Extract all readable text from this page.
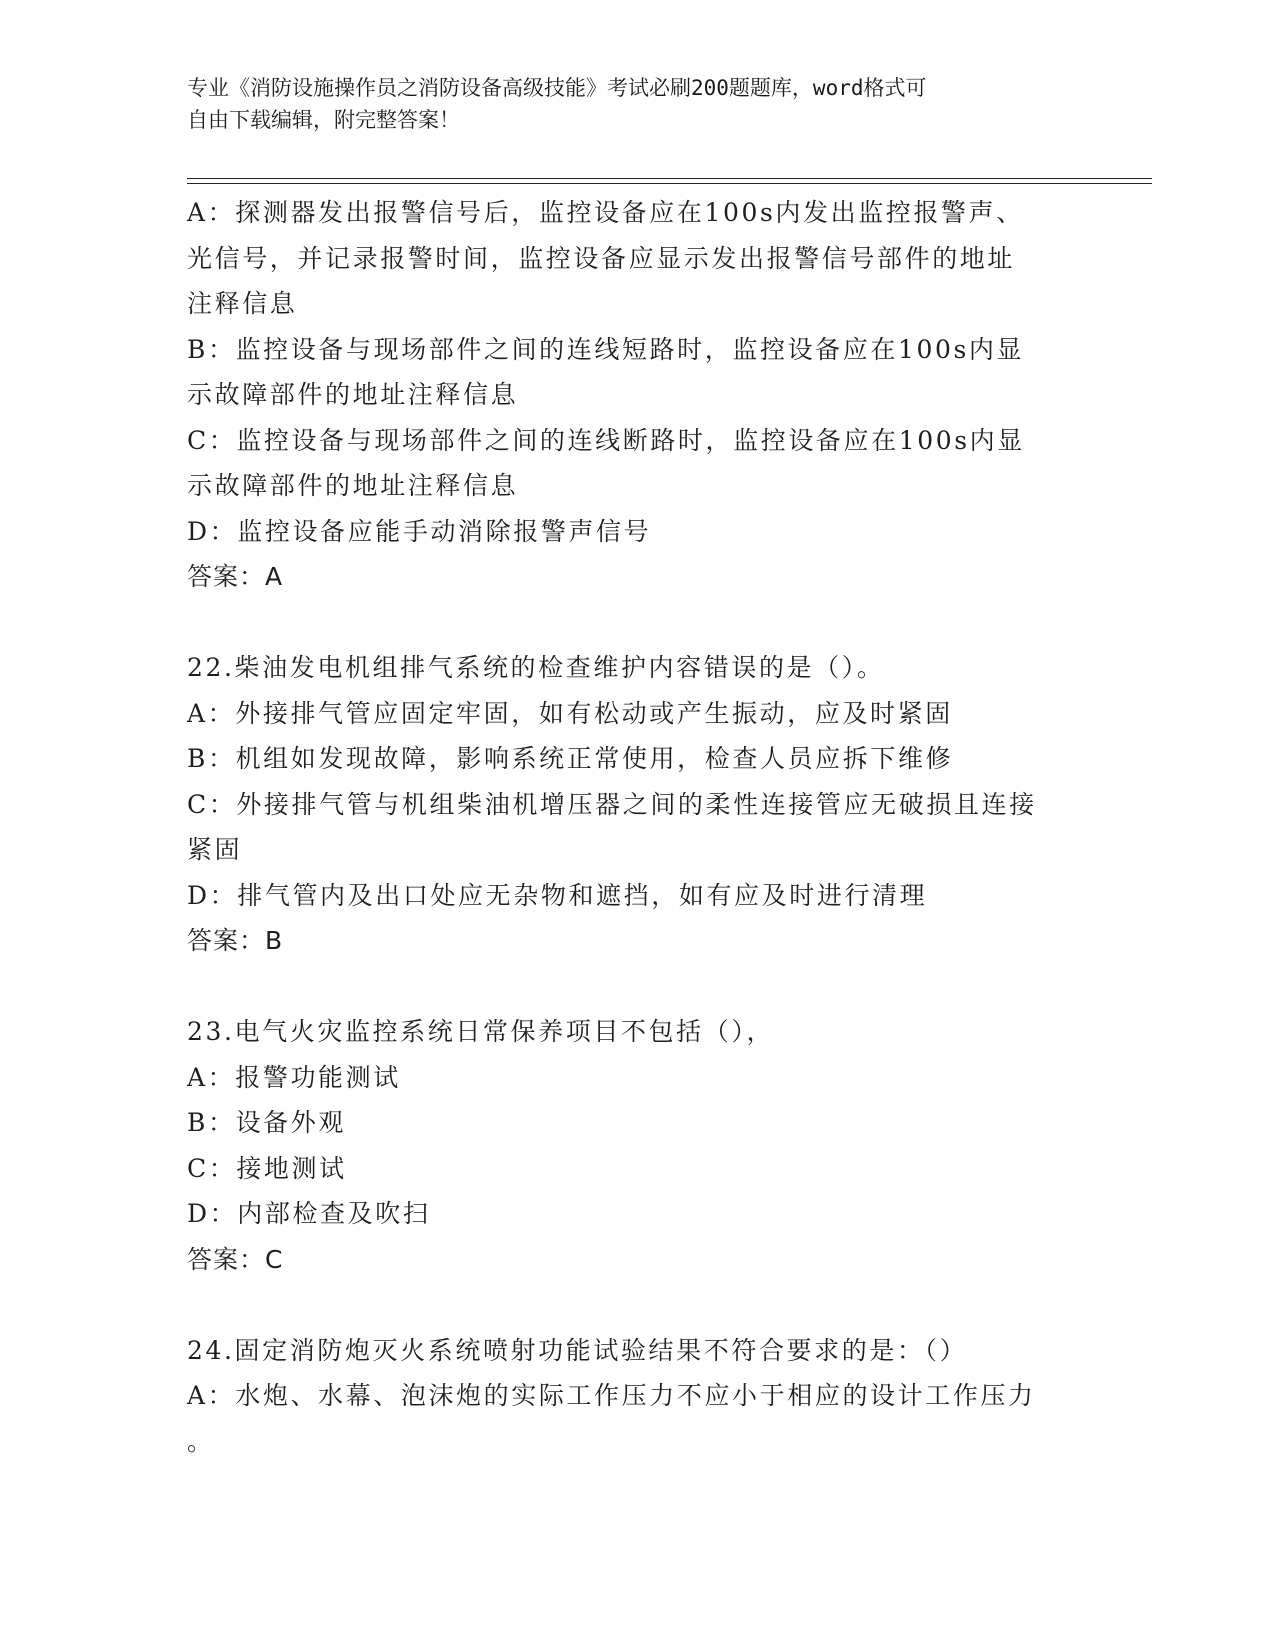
专业《消防设施操作员之消防设备高级技能》考试必刷200题题库，word格式可
自由下载编辑，附完整答案！
A：探测器发出报警信号后，监控设备应在100s内发出监控报警声、
光信号，并记录报警时间，监控设备应显示发出报警信号部件的地址
注释信息
B：监控设备与现场部件之间的连线短路时，监控设备应在100s内显
示故障部件的地址注释信息
C：监控设备与现场部件之间的连线断路时，监控设备应在100s内显
示故障部件的地址注释信息
D：监控设备应能手动消除报警声信号
答案：A
22.柴油发电机组排气系统的检查维护内容错误的是（）。
A：外接排气管应固定牢固，如有松动或产生振动，应及时紧固
B：机组如发现故障，影响系统正常使用，检查人员应拆下维修
C：外接排气管与机组柴油机增压器之间的柔性连接管应无破损且连接
紧固
D：排气管内及出口处应无杂物和遮挡，如有应及时进行清理
答案：B
23.电气火灾监控系统日常保养项目不包括（），
A：报警功能测试
B：设备外观
C：接地测试
D：内部检查及吹扫
答案：C
24.固定消防炮灭火系统喷射功能试验结果不符合要求的是：（）
A：水炮、水幕、泡沫炮的实际工作压力不应小于相应的设计工作压力
。
